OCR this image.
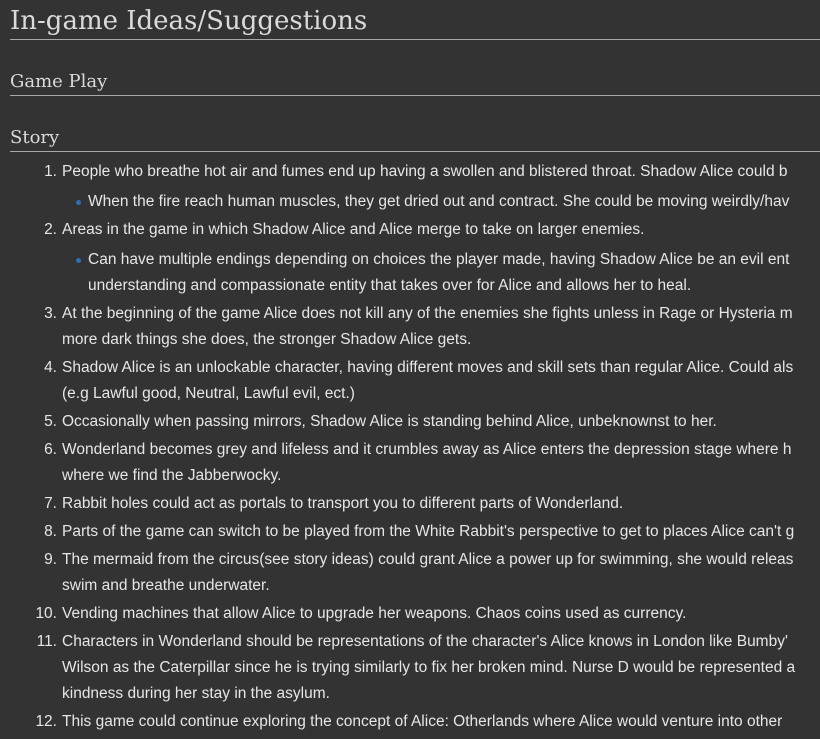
In-game Ideas/Suggestions
Game Play
Story
1. People who breathe hot air and fumes end up having a swollen and blistered throat. Shadow Alice could b
When the fire reach human muscles, they get dried out and contract. She could be moving weirdly/hav
2. Areas in the game in which Shadow Alice and Alice merge to take on larger enemies.
Can have multiple endings depending on choices the player made, having Shadow Alice be an evil ent
understanding and compassionate entity that takes over for Alice and allows her to heal.
3. At the beginning of the game Alice does not kill any of the enemies she fights unless in Rage or Hysteria m
more dark things she does, the stronger Shadow Alice gets.
4. Shadow Alice is an unlockable character, having different moves and skill sets than regular Alice. Could als
(e.g Lawful good, Neutral, Lawful evil, ect.)
5. Occasionally when passing mirrors, Shadow Alice is standing behind Alice, unbeknownst to her.
6. Wonderland becomes grey and lifeless and it crumbles away as Alice enters the depression stage where h
where we find the Jabberwocky.
7. Rabbit holes could act as portals to transport you to different parts of Wonderland.
8. Parts of the game can switch to be played from the White Rabbit's perspective to get to places Alice can't g
9. The mermaid from the circus(see story ideas) could grant Alice a power up for swimming, she would releas
swim and breathe underwater.
10. Vending machines that allow Alice to upgrade her weapons. Chaos coins used as currency.
11. Characters in Wonderland should be representations of the character's Alice knows in London like Bumby'
Wilson as the Caterpillar since he is trying similarly to fix her broken mind. Nurse D would be represented a
kindness during her stay in the asylum.
12. This game could continue exploring the concept of Alice: Otherlands where Alice would venture into other
